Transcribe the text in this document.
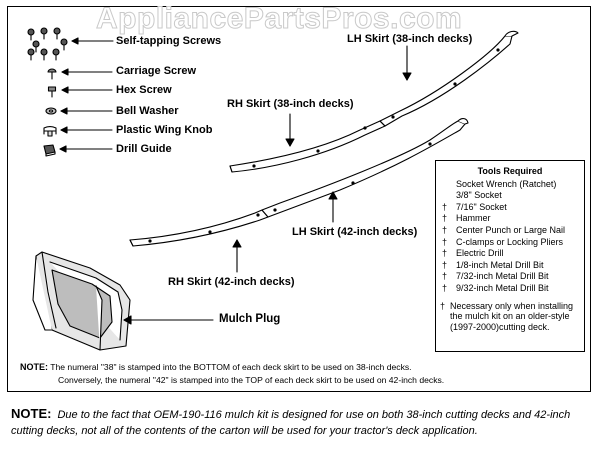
AppliancePartsPros.com
Self-tapping Screws
Carriage Screw
Hex Screw
Bell Washer
Plastic Wing Knob
Drill Guide
LH Skirt (38-inch decks)
RH Skirt (38-inch decks)
LH Skirt (42-inch decks)
RH Skirt (42-inch decks)
Mulch Plug
Tools Required
Socket Wrench (Ratchet)
3/8" Socket
† 7/16" Socket
† Hammer
† Center Punch or Large Nail
† C-clamps or Locking Pliers
† Electric Drill
† 1/8-inch Metal Drill Bit
† 7/32-inch Metal Drill Bit
† 9/32-inch Metal Drill Bit
† Necessary only when installing the mulch kit on an older-style (1997-2000)cutting deck.
NOTE: The numeral "38" is stamped into the BOTTOM of each deck skirt to be used on 38-inch decks.
Conversely, the numeral "42" is stamped into the TOP of each deck skirt to be used on 42-inch decks.
NOTE: Due to the fact that OEM-190-116 mulch kit is designed for use on both 38-inch cutting decks and 42-inch cutting decks, not all of the contents of the carton will be used for your tractor's deck application.
